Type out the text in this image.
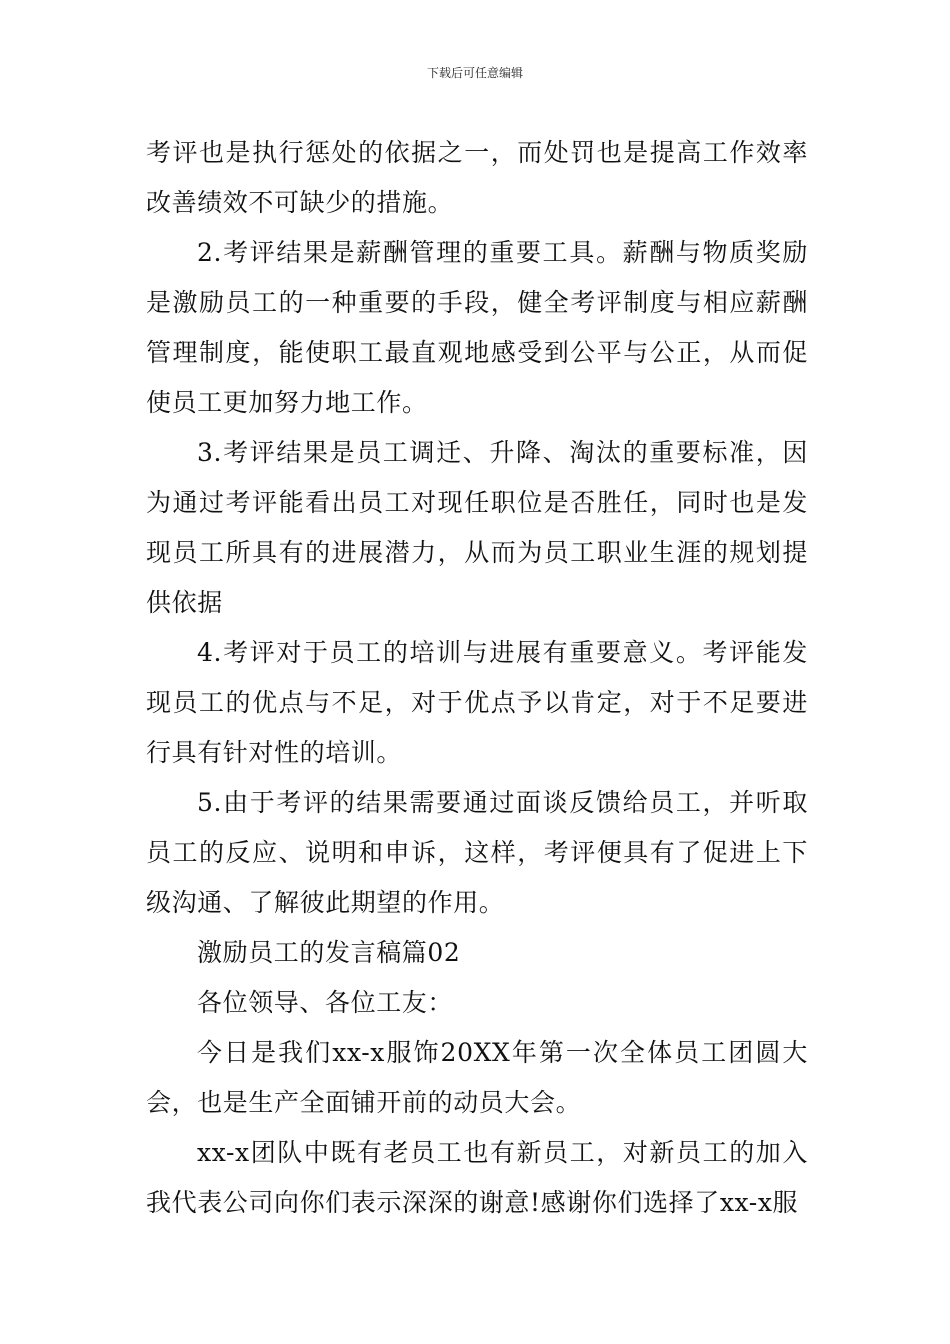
下载后可任意编辑

考评也是执行惩处的依据之一，而处罚也是提高工作效率改善绩效不可缺少的措施。

2.考评结果是薪酬管理的重要工具。薪酬与物质奖励是激励员工的一种重要的手段，健全考评制度与相应薪酬管理制度，能使职工最直观地感受到公平与公正，从而促使员工更加努力地工作。

3.考评结果是员工调迁、升降、淘汰的重要标准，因为通过考评能看出员工对现任职位是否胜任，同时也是发现员工所具有的进展潜力，从而为员工职业生涯的规划提供依据

4.考评对于员工的培训与进展有重要意义。考评能发现员工的优点与不足，对于优点予以肯定，对于不足要进行具有针对性的培训。

5.由于考评的结果需要通过面谈反馈给员工，并听取员工的反应、说明和申诉，这样，考评便具有了促进上下级沟通、了解彼此期望的作用。

激励员工的发言稿篇02

各位领导、各位工友：

今日是我们xx-x服饰20XX年第一次全体员工团圆大会，也是生产全面铺开前的动员大会。

xx-x团队中既有老员工也有新员工，对新员工的加入我代表公司向你们表示深深的谢意!感谢你们选择了xx-x服
